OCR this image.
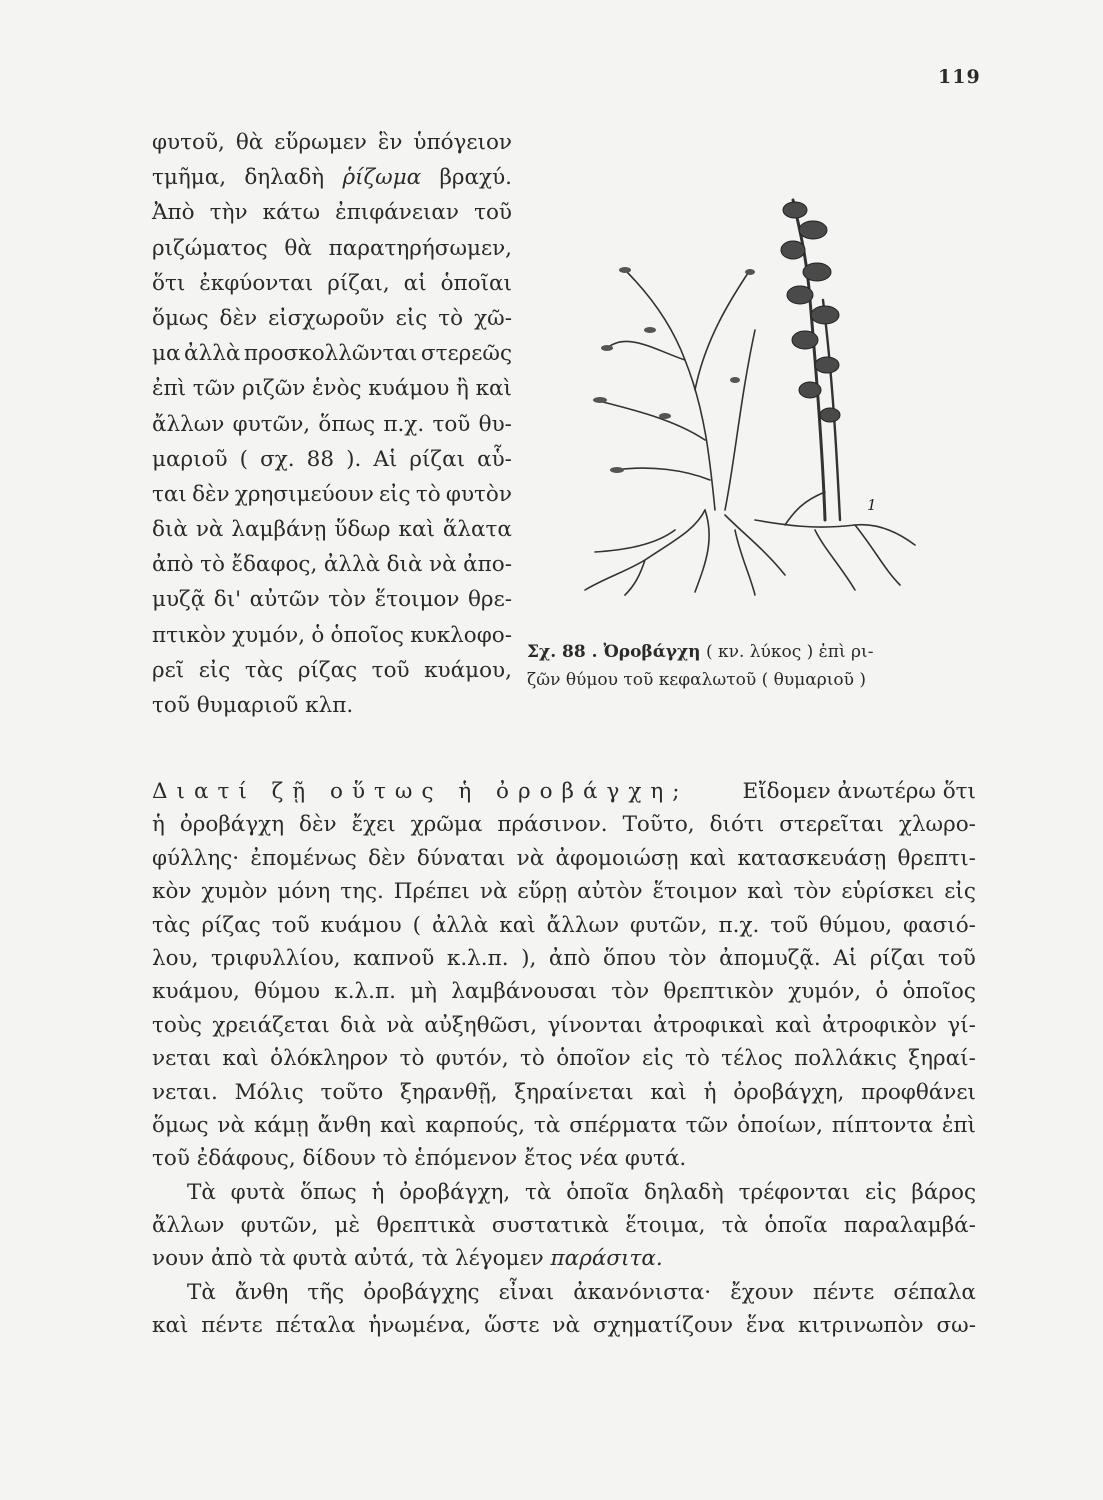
119
φυτοῦ, θὰ εὕρωμεν ἓν ὑπόγειον
τμῆμα, δηλαδὴ ῥίζωμα βραχύ.
Ἀπὸ τὴν κάτω ἐπιφάνειαν τοῦ
ριζώματος θὰ παρατηρήσωμεν,
ὅτι ἐκφύονται ρίζαι, αἱ ὁποῖαι
ὅμως δὲν εἰσχωροῦν εἰς τὸ χῶ-
μα ἀλλὰ προσκολλῶνται στερεῶς
ἐπὶ τῶν ριζῶν ἑνὸς κυάμου ἢ καὶ
ἄλλων φυτῶν, ὅπως π.χ. τοῦ θυ-
μαριοῦ ( σχ. 88 ). Αἱ ρίζαι αὗ-
ται δὲν χρησιμεύουν εἰς τὸ φυτὸν
διὰ νὰ λαμβάνῃ ὕδωρ καὶ ἅλατα
ἀπὸ τὸ ἔδαφος, ἀλλὰ διὰ νὰ ἀπο-
μυζᾷ δι' αὐτῶν τὸν ἕτοιμον θρε-
πτικὸν χυμόν, ὁ ὁποῖος κυκλοφο-
ρεῖ εἰς τὰς ρίζας τοῦ κυάμου,
τοῦ θυμαριοῦ κλπ.
1
Σχ. 88 . Ὀροβάγχη ( κν. λύκος ) ἐπὶ ρι-
ζῶν θύμου τοῦ κεφαλωτοῦ ( θυμαριοῦ )
Διατί ζῇ οὕτως ἡ ὀροβάγχη;	Εἴδομεν ἀνωτέρω ὅτι
ἡ ὀροβάγχη δὲν ἔχει χρῶμα πράσινον. Τοῦτο, διότι στερεῖται χλωρο-
φύλλης· ἐπομένως δὲν δύναται νὰ ἀφομοιώσῃ καὶ κατασκευάσῃ θρεπτι-
κὸν χυμὸν μόνη της. Πρέπει νὰ εὕρῃ αὐτὸν ἕτοιμον καὶ τὸν εὑρίσκει εἰς
τὰς ρίζας τοῦ κυάμου ( ἀλλὰ καὶ ἄλλων φυτῶν, π.χ. τοῦ θύμου, φασιό-
λου, τριφυλλίου, καπνοῦ κ.λ.π. ), ἀπὸ ὅπου τὸν ἀπομυζᾷ. Αἱ ρίζαι τοῦ
κυάμου, θύμου κ.λ.π. μὴ λαμβάνουσαι τὸν θρεπτικὸν χυμόν, ὁ ὁποῖος
τοὺς χρειάζεται διὰ νὰ αὐξηθῶσι, γίνονται ἀτροφικαὶ καὶ ἀτροφικὸν γί-
νεται καὶ ὁλόκληρον τὸ φυτόν, τὸ ὁποῖον εἰς τὸ τέλος πολλάκις ξηραί-
νεται. Μόλις τοῦτο ξηρανθῇ, ξηραίνεται καὶ ἡ ὀροβάγχη, προφθάνει
ὅμως νὰ κάμῃ ἄνθη καὶ καρπούς, τὰ σπέρματα τῶν ὁποίων, πίπτοντα ἐπὶ
τοῦ ἐδάφους, δίδουν τὸ ἑπόμενον ἔτος νέα φυτά.
Τὰ φυτὰ ὅπως ἡ ὀροβάγχη, τὰ ὁποῖα δηλαδὴ τρέφονται εἰς βάρος
ἄλλων φυτῶν, μὲ θρεπτικὰ συστατικὰ ἕτοιμα, τὰ ὁποῖα παραλαμβά-
νουν ἀπὸ τὰ φυτὰ αὐτά, τὰ λέγομεν
παράσιτα.
Τὰ ἄνθη τῆς ὀροβάγχης εἶναι ἀκανόνιστα· ἔχουν πέντε σέπαλα
καὶ πέντε πέταλα ἡνωμένα, ὥστε νὰ σχηματίζουν ἕνα κιτρινωπὸν σω-
